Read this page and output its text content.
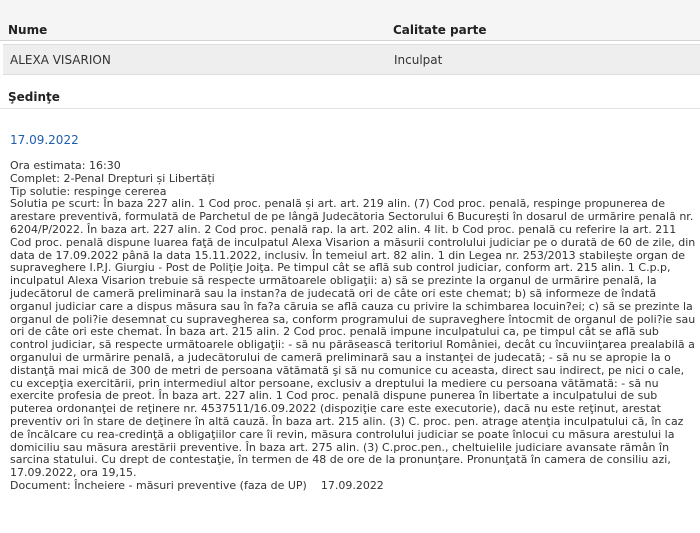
Nume	Calitate parte
ALEXA VISARION	Inculpat
Şedinţe
17.09.2022
Ora estimata: 16:30
Complet: 2-Penal Drepturi și Libertăți
Tip solutie: respinge cererea
Solutia pe scurt: În baza 227 alin. 1 Cod proc. penală și art. art. 219 alin. (7) Cod proc. penală, respinge propunerea de arestare preventivă, formulată de Parchetul de pe lângă Judecătoria Sectorului 6 București în dosarul de urmărire penală nr. 6204/P/2022. În baza art. 227 alin. 2 Cod proc. penală rap. la art. 202 alin. 4 lit. b Cod proc. penală cu referire la art. 211 Cod proc. penală dispune luarea faţă de inculpatul Alexa Visarion a măsurii controlului judiciar pe o durată de 60 de zile, din data de 17.09.2022 până la data 15.11.2022, inclusiv. În temeiul art. 82 alin. 1 din Legea nr. 253/2013 stabileşte organ de supraveghere I.P.J. Giurgiu - Post de Poliţie Joiţa. Pe timpul cât se află sub control judiciar, conform art. 215 alin. 1 C.p.p, inculpatul Alexa Visarion trebuie să respecte următoarele obligaţii: a) să se prezinte la organul de urmărire penală, la judecătorul de cameră preliminară sau la instan?a de judecată ori de câte ori este chemat; b) să informeze de îndată organul judiciar care a dispus măsura sau în fa?a căruia se află cauza cu privire la schimbarea locuin?ei; c) să se prezinte la organul de poli?ie desemnat cu supravegherea sa, conform programului de supraveghere întocmit de organul de poli?ie sau ori de câte ori este chemat. În baza art. 215 alin. 2 Cod proc. penală impune inculpatului ca, pe timpul cât se află sub control judiciar, să respecte următoarele obligaţii: - să nu părăsească teritoriul României, decât cu încuviinţarea prealabilă a organului de urmărire penală, a judecătorului de cameră preliminară sau a instanţei de judecată; - să nu se apropie la o distanţă mai mică de 300 de metri de persoana vătămată şi să nu comunice cu aceasta, direct sau indirect, pe nici o cale, cu excepţia exercitării, prin intermediul altor persoane, exclusiv a dreptului la mediere cu persoana vătămată: - să nu exercite profesia de preot. În baza art. 227 alin. 1 Cod proc. penală dispune punerea în libertate a inculpatului de sub puterea ordonanţei de reţinere nr. 4537511/16.09.2022 (dispoziţie care este executorie), dacă nu este reţinut, arestat preventiv ori în stare de deţinere în altă cauză. În baza art. 215 alin. (3) C. proc. pen. atrage atenţia inculpatului că, în caz de încălcare cu rea-credinţă a obligaţiilor care îi revin, măsura controlului judiciar se poate înlocui cu măsura arestului la domiciliu sau măsura arestării preventive. În baza art. 275 alin. (3) C.proc.pen., cheltuielile judiciare avansate rămân în sarcina statului. Cu drept de contestaţie, în termen de 48 de ore de la pronunţare. Pronunţată în camera de consiliu azi, 17.09.2022, ora 19,15.
Document: Încheiere - măsuri preventive (faza de UP) 17.09.2022
